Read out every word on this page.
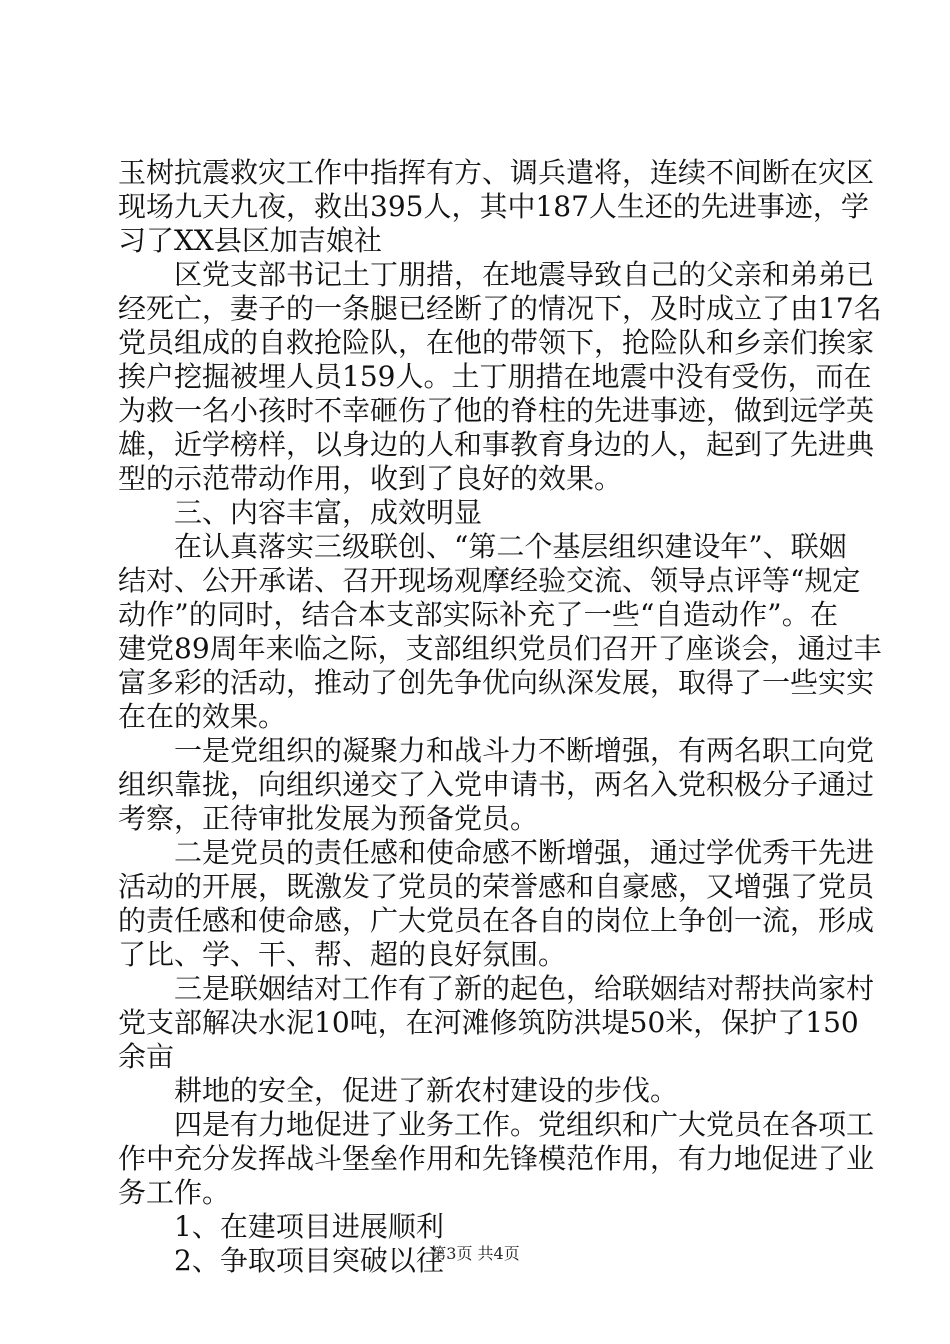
玉树抗震救灾工作中指挥有方、调兵遣将，连续不间断在灾区
现场九天九夜，救出395人，其中187人生还的先进事迹，学
习了XX县区加吉娘社
区党支部书记土丁朋措，在地震导致自己的父亲和弟弟已
经死亡，妻子的一条腿已经断了的情况下，及时成立了由17名
党员组成的自救抢险队，在他的带领下，抢险队和乡亲们挨家
挨户挖掘被埋人员159人。土丁朋措在地震中没有受伤，而在
为救一名小孩时不幸砸伤了他的脊柱的先进事迹，做到远学英
雄，近学榜样，以身边的人和事教育身边的人，起到了先进典
型的示范带动作用，收到了良好的效果。
三、内容丰富，成效明显
在认真落实三级联创、“第二个基层组织建设年”、联姻
结对、公开承诺、召开现场观摩经验交流、领导点评等“规定
动作”的同时，结合本支部实际补充了一些“自造动作”。在
建党89周年来临之际，支部组织党员们召开了座谈会，通过丰
富多彩的活动，推动了创先争优向纵深发展，取得了一些实实
在在的效果。
一是党组织的凝聚力和战斗力不断增强，有两名职工向党
组织靠拢，向组织递交了入党申请书，两名入党积极分子通过
考察，正待审批发展为预备党员。
二是党员的责任感和使命感不断增强，通过学优秀干先进
活动的开展，既激发了党员的荣誉感和自豪感，又增强了党员
的责任感和使命感，广大党员在各自的岗位上争创一流，形成
了比、学、干、帮、超的良好氛围。
三是联姻结对工作有了新的起色，给联姻结对帮扶尚家村
党支部解决水泥10吨，在河滩修筑防洪堤50米，保护了150
余亩
耕地的安全，促进了新农村建设的步伐。
四是有力地促进了业务工作。党组织和广大党员在各项工
作中充分发挥战斗堡垒作用和先锋模范作用，有力地促进了业
务工作。
1、在建项目进展顺利
2、争取项目突破以往
第3页 共4页
